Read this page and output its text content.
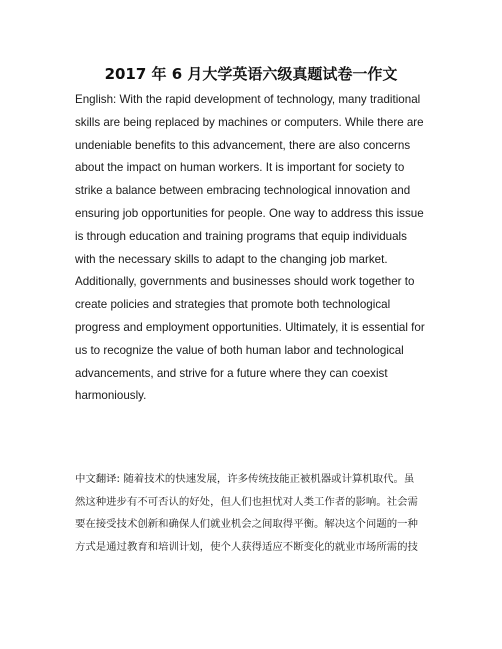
2017 年 6 月大学英语六级真题试卷一作文
English: With the rapid development of technology, many traditional
skills are being replaced by machines or computers. While there are
undeniable benefits to this advancement, there are also concerns
about the impact on human workers. It is important for society to
strike a balance between embracing technological innovation and
ensuring job opportunities for people. One way to address this issue
is through education and training programs that equip individuals
with the necessary skills to adapt to the changing job market.
Additionally, governments and businesses should work together to
create policies and strategies that promote both technological
progress and employment opportunities. Ultimately, it is essential for
us to recognize the value of both human labor and technological
advancements, and strive for a future where they can coexist
harmoniously.
中文翻译: 随着技术的快速发展，许多传统技能正被机器或计算机取代。虽
然这种进步有不可否认的好处，但人们也担忧对人类工作者的影响。社会需
要在接受技术创新和确保人们就业机会之间取得平衡。解决这个问题的一种
方式是通过教育和培训计划，使个人获得适应不断变化的就业市场所需的技
